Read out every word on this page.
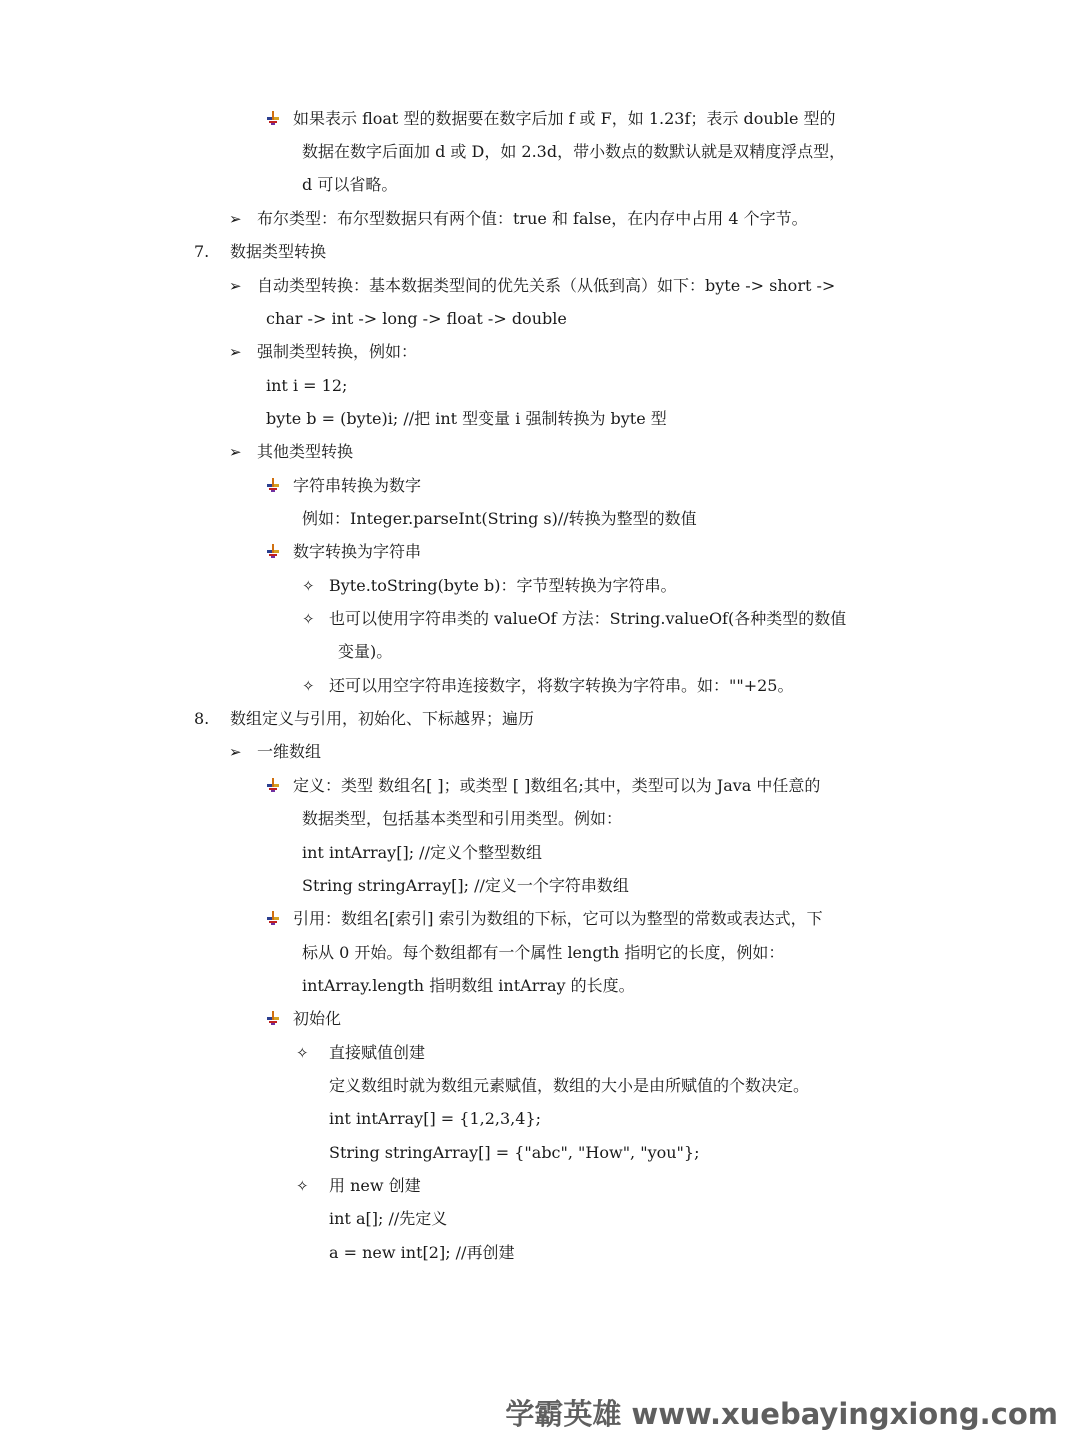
如果表示 float 型的数据要在数字后加 f 或 F，如 1.23f；表示 double 型的
数据在数字后面加 d 或 D，如 2.3d，带小数点的数默认就是双精度浮点型，
d 可以省略。
➢ 布尔类型：布尔型数据只有两个值：true 和 false，在内存中占用 4 个字节。
7. 数据类型转换
➢ 自动类型转换：基本数据类型间的优先关系（从低到高）如下：byte -> short ->
char -> int -> long -> float -> double
➢ 强制类型转换，例如：
int i = 12;
byte b = (byte)i; //把 int 型变量 i 强制转换为 byte 型
➢ 其他类型转换
字符串转换为数字
例如：Integer.parseInt(String s)//转换为整型的数值
数字转换为字符串
✧ Byte.toString(byte b)：字节型转换为字符串。
✧ 也可以使用字符串类的 valueOf 方法：String.valueOf(各种类型的数值
变量)。
✧ 还可以用空字符串连接数字，将数字转换为字符串。如：""+25。
8. 数组定义与引用，初始化、下标越界；遍历
➢ 一维数组
定义：类型 数组名[ ]；或类型 [ ]数组名;其中，类型可以为 Java 中任意的
数据类型，包括基本类型和引用类型。例如：
int intArray[]; //定义个整型数组
String stringArray[]; //定义一个字符串数组
引用：数组名[索引] 索引为数组的下标，它可以为整型的常数或表达式，下
标从 0 开始。每个数组都有一个属性 length 指明它的长度，例如：
intArray.length 指明数组 intArray 的长度。
初始化
✧ 直接赋值创建
定义数组时就为数组元素赋值，数组的大小是由所赋值的个数决定。
int intArray[] = {1,2,3,4};
String stringArray[] = {"abc", "How", "you"};
✧ 用 new 创建
int a[]; //先定义
a = new int[2]; //再创建
学霸英雄 www.xuebayingxiong.com
